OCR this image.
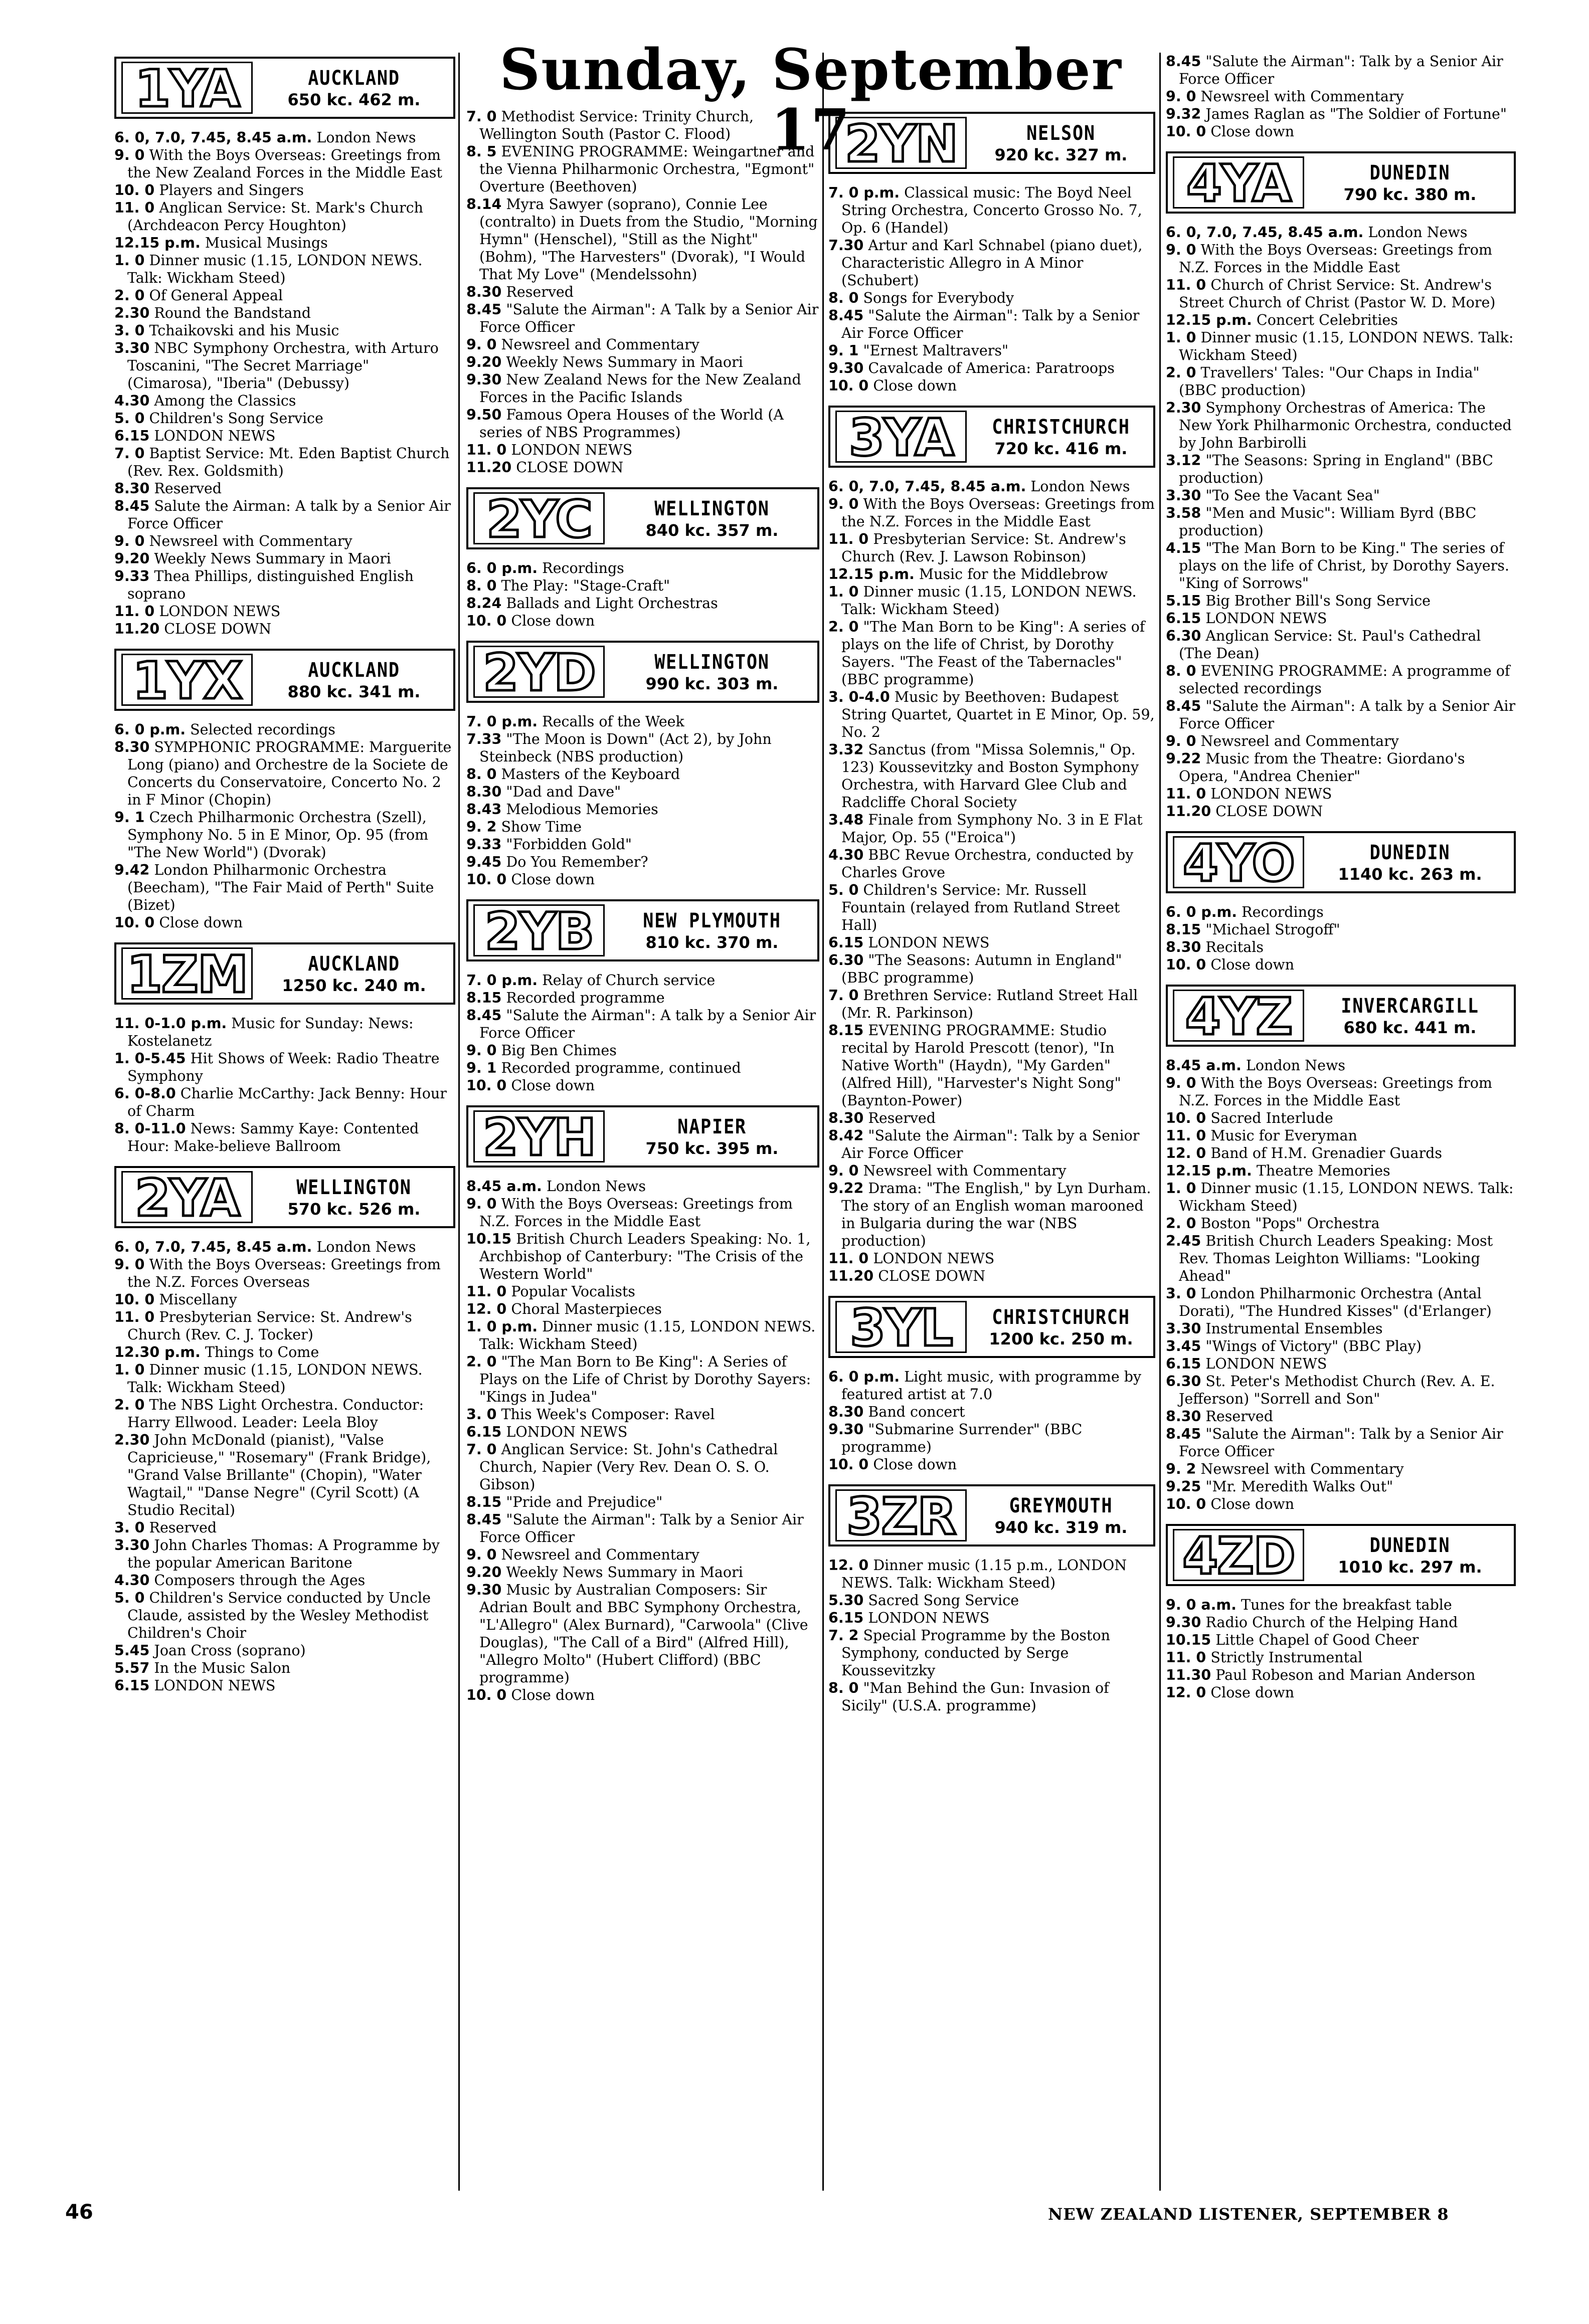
Sunday, September 17
1YA	AUCKLAND
650 kc. 462 m.

6. 0, 7.0, 7.45, 8.45 a.m. London News

9. 0 With the Boys Overseas: Greetings from the New Zealand Forces in the Middle East

10. 0 Players and Singers

11. 0 Anglican Service: St. Mark's Church (Archdeacon Percy Houghton)

12.15 p.m. Musical Musings

1. 0 Dinner music (1.15, LONDON NEWS. Talk: Wickham Steed)

2. 0 Of General Appeal

2.30 Round the Bandstand

3. 0 Tchaikovski and his Music

3.30 NBC Symphony Orchestra, with Arturo Toscanini, "The Secret Marriage" (Cimarosa), "Iberia" (Debussy)

4.30 Among the Classics

5. 0 Children's Song Service

6.15 LONDON NEWS

7. 0 Baptist Service: Mt. Eden Baptist Church (Rev. Rex. Goldsmith)

8.30 Reserved

8.45 Salute the Airman: A talk by a Senior Air Force Officer

9. 0 Newsreel with Commentary

9.20 Weekly News Summary in Maori

9.33 Thea Phillips, distinguished English soprano

11. 0 LONDON NEWS

11.20 CLOSE DOWN

1YX	AUCKLAND
880 kc. 341 m.

6. 0 p.m. Selected recordings

8.30 SYMPHONIC PROGRAMME: Marguerite Long (piano) and Orchestre de la Societe de Concerts du Conservatoire, Concerto No. 2 in F Minor (Chopin)

9. 1 Czech Philharmonic Orchestra (Szell), Symphony No. 5 in E Minor, Op. 95 (from "The New World") (Dvorak)

9.42 London Philharmonic Orchestra (Beecham), "The Fair Maid of Perth" Suite (Bizet)

10. 0 Close down

1ZM	AUCKLAND
1250 kc. 240 m.

11. 0-1.0 p.m. Music for Sunday: News: Kostelanetz

1. 0-5.45 Hit Shows of Week: Radio Theatre Symphony

6. 0-8.0 Charlie McCarthy: Jack Benny: Hour of Charm

8. 0-11.0 News: Sammy Kaye: Contented Hour: Make-believe Ballroom

2YA	WELLINGTON
570 kc. 526 m.

6. 0, 7.0, 7.45, 8.45 a.m. London News

9. 0 With the Boys Overseas: Greetings from the N.Z. Forces Overseas

10. 0 Miscellany

11. 0 Presbyterian Service: St. Andrew's Church (Rev. C. J. Tocker)

12.30 p.m. Things to Come

1. 0 Dinner music (1.15, LONDON NEWS. Talk: Wickham Steed)

2. 0 The NBS Light Orchestra. Conductor: Harry Ellwood. Leader: Leela Bloy

2.30 John McDonald (pianist), "Valse Capricieuse," "Rosemary" (Frank Bridge), "Grand Valse Brillante" (Chopin), "Water Wagtail," "Danse Negre" (Cyril Scott) (A Studio Recital)

3. 0 Reserved

3.30 John Charles Thomas: A Programme by the popular American Baritone

4.30 Composers through the Ages

5. 0 Children's Service conducted by Uncle Claude, assisted by the Wesley Methodist Children's Choir

5.45 Joan Cross (soprano)

5.57 In the Music Salon

6.15 LONDON NEWS

7. 0 Methodist Service: Trinity Church, Wellington South (Pastor C. Flood)

8. 5 EVENING PROGRAMME: Weingartner and the Vienna Philharmonic Orchestra, "Egmont" Overture (Beethoven)

8.14 Myra Sawyer (soprano), Connie Lee (contralto) in Duets from the Studio, "Morning Hymn" (Henschel), "Still as the Night" (Bohm), "The Harvesters" (Dvorak), "I Would That My Love" (Mendelssohn)

8.30 Reserved

8.45 "Salute the Airman": A Talk by a Senior Air Force Officer

9. 0 Newsreel and Commentary

9.20 Weekly News Summary in Maori

9.30 New Zealand News for the New Zealand Forces in the Pacific Islands

9.50 Famous Opera Houses of the World (A series of NBS Programmes)

11. 0 LONDON NEWS

11.20 CLOSE DOWN

2YC	WELLINGTON
840 kc. 357 m.

6. 0 p.m. Recordings

8. 0 The Play: "Stage-Craft"

8.24 Ballads and Light Orchestras

10. 0 Close down

2YD	WELLINGTON
990 kc. 303 m.

7. 0 p.m. Recalls of the Week

7.33 "The Moon is Down" (Act 2), by John Steinbeck (NBS production)

8. 0 Masters of the Keyboard

8.30 "Dad and Dave"

8.43 Melodious Memories

9. 2 Show Time

9.33 "Forbidden Gold"

9.45 Do You Remember?

10. 0 Close down

2YB	NEW PLYMOUTH
810 kc. 370 m.

7. 0 p.m. Relay of Church service

8.15 Recorded programme

8.45 "Salute the Airman": A talk by a Senior Air Force Officer

9. 0 Big Ben Chimes

9. 1 Recorded programme, continued

10. 0 Close down

2YH	NAPIER
750 kc. 395 m.

8.45 a.m. London News

9. 0 With the Boys Overseas: Greetings from N.Z. Forces in the Middle East

10.15 British Church Leaders Speaking: No. 1, Archbishop of Canterbury: "The Crisis of the Western World"

11. 0 Popular Vocalists

12. 0 Choral Masterpieces

1. 0 p.m. Dinner music (1.15, LONDON NEWS. Talk: Wickham Steed)

2. 0 "The Man Born to Be King": A Series of Plays on the Life of Christ by Dorothy Sayers: "Kings in Judea"

3. 0 This Week's Composer: Ravel

6.15 LONDON NEWS

7. 0 Anglican Service: St. John's Cathedral Church, Napier (Very Rev. Dean O. S. O. Gibson)

8.15 "Pride and Prejudice"

8.45 "Salute the Airman": Talk by a Senior Air Force Officer

9. 0 Newsreel and Commentary

9.20 Weekly News Summary in Maori

9.30 Music by Australian Composers: Sir Adrian Boult and BBC Symphony Orchestra, "L'Allegro" (Alex Burnard), "Carwoola" (Clive Douglas), "The Call of a Bird" (Alfred Hill), "Allegro Molto" (Hubert Clifford) (BBC programme)

10. 0 Close down

2YN	NELSON
920 kc. 327 m.

7. 0 p.m. Classical music: The Boyd Neel String Orchestra, Concerto Grosso No. 7, Op. 6 (Handel)

7.30 Artur and Karl Schnabel (piano duet), Characteristic Allegro in A Minor (Schubert)

8. 0 Songs for Everybody

8.45 "Salute the Airman": Talk by a Senior Air Force Officer

9. 1 "Ernest Maltravers"

9.30 Cavalcade of America: Paratroops

10. 0 Close down

3YA	CHRISTCHURCH
720 kc. 416 m.

6. 0, 7.0, 7.45, 8.45 a.m. London News

9. 0 With the Boys Overseas: Greetings from the N.Z. Forces in the Middle East

11. 0 Presbyterian Service: St. Andrew's Church (Rev. J. Lawson Robinson)

12.15 p.m. Music for the Middlebrow

1. 0 Dinner music (1.15, LONDON NEWS. Talk: Wickham Steed)

2. 0 "The Man Born to be King": A series of plays on the life of Christ, by Dorothy Sayers. "The Feast of the Tabernacles" (BBC programme)

3. 0-4.0 Music by Beethoven: Budapest String Quartet, Quartet in E Minor, Op. 59, No. 2

3.32 Sanctus (from "Missa Solemnis," Op. 123) Koussevitzky and Boston Symphony Orchestra, with Harvard Glee Club and Radcliffe Choral Society

3.48 Finale from Symphony No. 3 in E Flat Major, Op. 55 ("Eroica")

4.30 BBC Revue Orchestra, conducted by Charles Grove

5. 0 Children's Service: Mr. Russell Fountain (relayed from Rutland Street Hall)

6.15 LONDON NEWS

6.30 "The Seasons: Autumn in England" (BBC programme)

7. 0 Brethren Service: Rutland Street Hall (Mr. R. Parkinson)

8.15 EVENING PROGRAMME: Studio recital by Harold Prescott (tenor), "In Native Worth" (Haydn), "My Garden" (Alfred Hill), "Harvester's Night Song" (Baynton-Power)

8.30 Reserved

8.42 "Salute the Airman": Talk by a Senior Air Force Officer

9. 0 Newsreel with Commentary

9.22 Drama: "The English," by Lyn Durham. The story of an English woman marooned in Bulgaria during the war (NBS production)

11. 0 LONDON NEWS

11.20 CLOSE DOWN

3YL	CHRISTCHURCH
1200 kc. 250 m.

6. 0 p.m. Light music, with programme by featured artist at 7.0

8.30 Band concert

9.30 "Submarine Surrender" (BBC programme)

10. 0 Close down

3ZR	GREYMOUTH
940 kc. 319 m.

12. 0 Dinner music (1.15 p.m., LONDON NEWS. Talk: Wickham Steed)

5.30 Sacred Song Service

6.15 LONDON NEWS

7. 2 Special Programme by the Boston Symphony, conducted by Serge Koussevitzky

8. 0 "Man Behind the Gun: Invasion of Sicily" (U.S.A. programme)

8.45 "Salute the Airman": Talk by a Senior Air Force Officer

9. 0 Newsreel with Commentary

9.32 James Raglan as "The Soldier of Fortune"

10. 0 Close down

4YA	DUNEDIN
790 kc. 380 m.

6. 0, 7.0, 7.45, 8.45 a.m. London News

9. 0 With the Boys Overseas: Greetings from N.Z. Forces in the Middle East

11. 0 Church of Christ Service: St. Andrew's Street Church of Christ (Pastor W. D. More)

12.15 p.m. Concert Celebrities

1. 0 Dinner music (1.15, LONDON NEWS. Talk: Wickham Steed)

2. 0 Travellers' Tales: "Our Chaps in India" (BBC production)

2.30 Symphony Orchestras of America: The New York Philharmonic Orchestra, conducted by John Barbirolli

3.12 "The Seasons: Spring in England" (BBC production)

3.30 "To See the Vacant Sea"

3.58 "Men and Music": William Byrd (BBC production)

4.15 "The Man Born to be King." The series of plays on the life of Christ, by Dorothy Sayers. "King of Sorrows"

5.15 Big Brother Bill's Song Service

6.15 LONDON NEWS

6.30 Anglican Service: St. Paul's Cathedral (The Dean)

8. 0 EVENING PROGRAMME: A programme of selected recordings

8.45 "Salute the Airman": A talk by a Senior Air Force Officer

9. 0 Newsreel and Commentary

9.22 Music from the Theatre: Giordano's Opera, "Andrea Chenier"

11. 0 LONDON NEWS

11.20 CLOSE DOWN

4YO	DUNEDIN
1140 kc. 263 m.

6. 0 p.m. Recordings

8.15 "Michael Strogoff"

8.30 Recitals

10. 0 Close down

4YZ	INVERCARGILL
680 kc. 441 m.

8.45 a.m. London News

9. 0 With the Boys Overseas: Greetings from N.Z. Forces in the Middle East

10. 0 Sacred Interlude

11. 0 Music for Everyman

12. 0 Band of H.M. Grenadier Guards

12.15 p.m. Theatre Memories

1. 0 Dinner music (1.15, LONDON NEWS. Talk: Wickham Steed)

2. 0 Boston "Pops" Orchestra

2.45 British Church Leaders Speaking: Most Rev. Thomas Leighton Williams: "Looking Ahead"

3. 0 London Philharmonic Orchestra (Antal Dorati), "The Hundred Kisses" (d'Erlanger)

3.30 Instrumental Ensembles

3.45 "Wings of Victory" (BBC Play)

6.15 LONDON NEWS

6.30 St. Peter's Methodist Church (Rev. A. E. Jefferson) "Sorrell and Son"

8.30 Reserved

8.45 "Salute the Airman": Talk by a Senior Air Force Officer

9. 2 Newsreel with Commentary

9.25 "Mr. Meredith Walks Out"

10. 0 Close down

4ZD	DUNEDIN
1010 kc. 297 m.

9. 0 a.m. Tunes for the breakfast table

9.30 Radio Church of the Helping Hand

10.15 Little Chapel of Good Cheer

11. 0 Strictly Instrumental

11.30 Paul Robeson and Marian Anderson

12. 0 Close down

46	NEW ZEALAND LISTENER, SEPTEMBER 8
